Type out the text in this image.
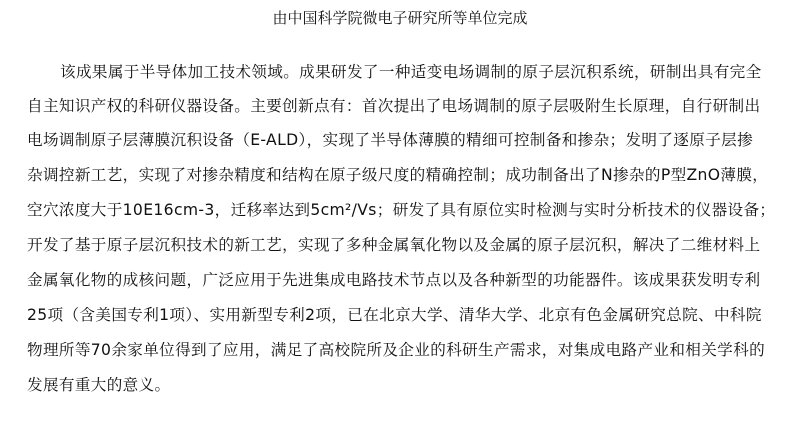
由中国科学院微电子研究所等单位完成
该成果属于半导体加工技术领域。成果研发了一种适变电场调制的原子层沉积系统，研制出具有完全
自主知识产权的科研仪器设备。主要创新点有：首次提出了电场调制的原子层吸附生长原理，自行研制出
电场调制原子层薄膜沉积设备（E-ALD），实现了半导体薄膜的精细可控制备和掺杂；发明了逐原子层掺
杂调控新工艺，实现了对掺杂精度和结构在原子级尺度的精确控制；成功制备出了N掺杂的P型ZnO薄膜，
空穴浓度大于10E16cm-3，迁移率达到5cm²/Vs；研发了具有原位实时检测与实时分析技术的仪器设备；
开发了基于原子层沉积技术的新工艺，实现了多种金属氧化物以及金属的原子层沉积，解决了二维材料上
金属氧化物的成核问题，广泛应用于先进集成电路技术节点以及各种新型的功能器件。该成果获发明专利
25项（含美国专利1项）、实用新型专利2项，已在北京大学、清华大学、北京有色金属研究总院、中科院
物理所等70余家单位得到了应用，满足了高校院所及企业的科研生产需求，对集成电路产业和相关学科的
发展有重大的意义。
